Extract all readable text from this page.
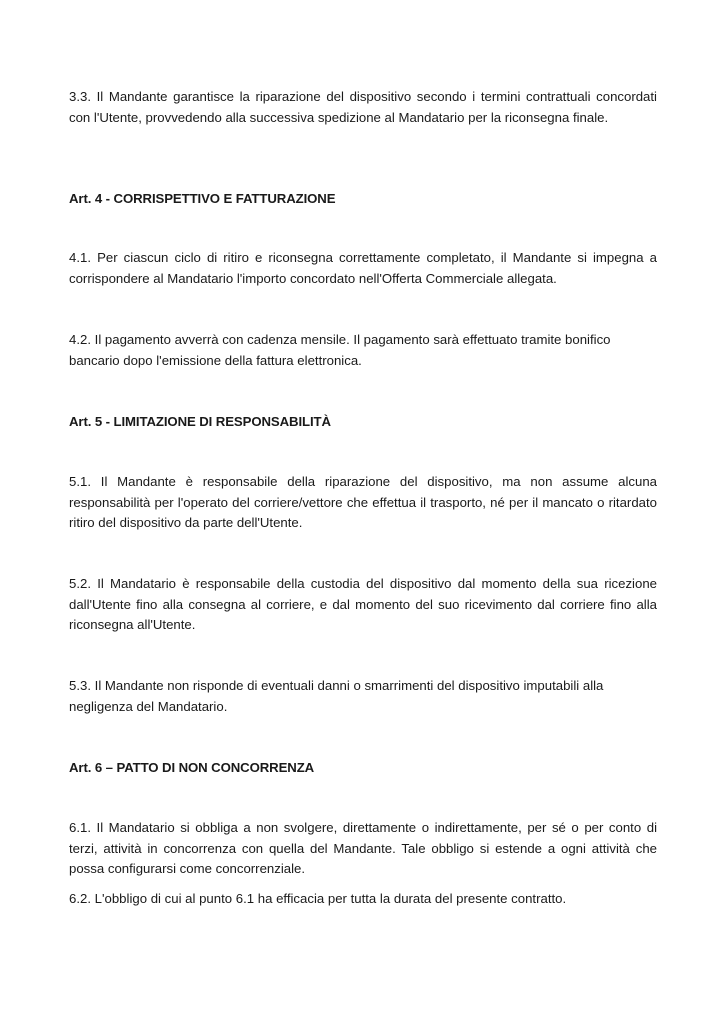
3.3. Il Mandante garantisce la riparazione del dispositivo secondo i termini contrattuali concordati con l'Utente, provvedendo alla successiva spedizione al Mandatario per la riconsegna finale.

Art. 4 - CORRISPETTIVO E FATTURAZIONE

4.1. Per ciascun ciclo di ritiro e riconsegna correttamente completato, il Mandante si impegna a corrispondere al Mandatario l'importo concordato nell'Offerta Commerciale allegata.

4.2. Il pagamento avverrà con cadenza mensile. Il pagamento sarà effettuato tramite bonifico bancario dopo l'emissione della fattura elettronica.

Art. 5 - LIMITAZIONE DI RESPONSABILITÀ

5.1. Il Mandante è responsabile della riparazione del dispositivo, ma non assume alcuna responsabilità per l'operato del corriere/vettore che effettua il trasporto, né per il mancato o ritardato ritiro del dispositivo da parte dell'Utente.

5.2. Il Mandatario è responsabile della custodia del dispositivo dal momento della sua ricezione dall'Utente fino alla consegna al corriere, e dal momento del suo ricevimento dal corriere fino alla riconsegna all'Utente.

5.3. Il Mandante non risponde di eventuali danni o smarrimenti del dispositivo imputabili alla negligenza del Mandatario.

Art. 6 – PATTO DI NON CONCORRENZA

6.1. Il Mandatario si obbliga a non svolgere, direttamente o indirettamente, per sé o per conto di terzi, attività in concorrenza con quella del Mandante. Tale obbligo si estende a ogni attività che possa configurarsi come concorrenziale.

6.2. L'obbligo di cui al punto 6.1 ha efficacia per tutta la durata del presente contratto.
